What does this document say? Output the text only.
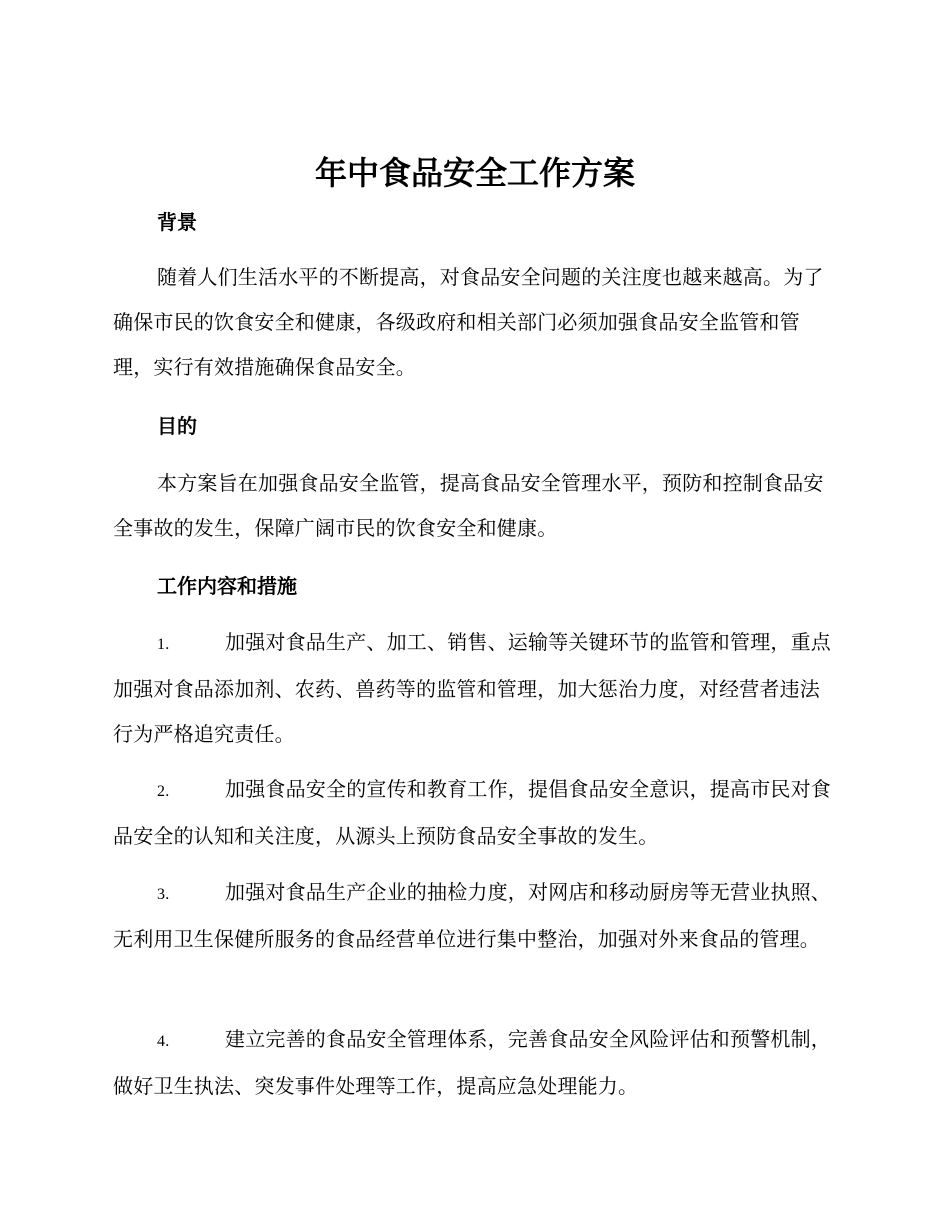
年中食品安全工作方案
背景
随着人们生活水平的不断提高，对食品安全问题的关注度也越来越高。为了确保市民的饮食安全和健康，各级政府和相关部门必须加强食品安全监管和管理，实行有效措施确保食品安全。
目的
本方案旨在加强食品安全监管，提高食品安全管理水平，预防和控制食品安全事故的发生，保障广阔市民的饮食安全和健康。
工作内容和措施
1.	加强对食品生产、加工、销售、运输等关键环节的监管和管理，重点加强对食品添加剂、农药、兽药等的监管和管理，加大惩治力度，对经营者违法行为严格追究责任。
2.	加强食品安全的宣传和教育工作，提倡食品安全意识，提高市民对食品安全的认知和关注度，从源头上预防食品安全事故的发生。
3.	加强对食品生产企业的抽检力度，对网店和移动厨房等无营业执照、无利用卫生保健所服务的食品经营单位进行集中整治，加强对外来食品的管理。
4.	建立完善的食品安全管理体系，完善食品安全风险评估和预警机制，做好卫生执法、突发事件处理等工作，提高应急处理能力。
